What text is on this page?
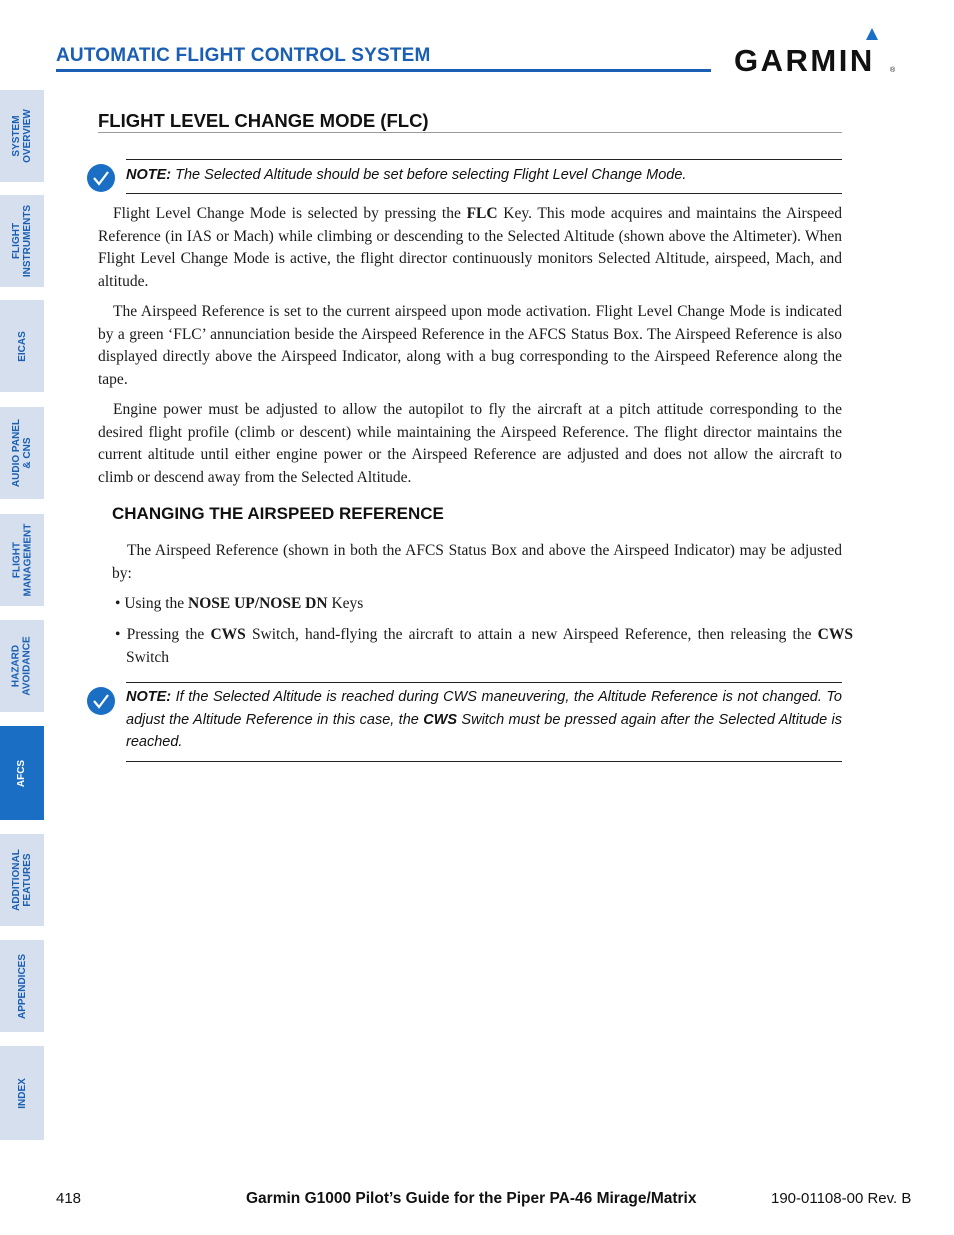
AUTOMATIC FLIGHT CONTROL SYSTEM	GARMIN ®
SYSTEM
OVERVIEW
FLIGHT
INSTRUMENTS
EICAS
AUDIO PANEL
& CNS
FLIGHT
MANAGEMENT
HAZARD
AVOIDANCE
AFCS
ADDITIONAL
FEATURES
APPENDICES
INDEX
FLIGHT LEVEL CHANGE MODE (FLC)
NOTE: The Selected Altitude should be set before selecting Flight Level Change Mode.

Flight Level Change Mode is selected by pressing the FLC Key. This mode acquires and maintains the Airspeed Reference (in IAS or Mach) while climbing or descending to the Selected Altitude (shown above the Altimeter). When Flight Level Change Mode is active, the flight director continuously monitors Selected Altitude, airspeed, Mach, and altitude.

The Airspeed Reference is set to the current airspeed upon mode activation. Flight Level Change Mode is indicated by a green ‘FLC’ annunciation beside the Airspeed Reference in the AFCS Status Box. The Airspeed Reference is also displayed directly above the Airspeed Indicator, along with a bug corresponding to the Airspeed Reference along the tape.

Engine power must be adjusted to allow the autopilot to fly the aircraft at a pitch attitude corresponding to the desired flight profile (climb or descent) while maintaining the Airspeed Reference. The flight director maintains the current altitude until either engine power or the Airspeed Reference are adjusted and does not allow the aircraft to climb or descend away from the Selected Altitude.

CHANGING THE AIRSPEED REFERENCE

The Airspeed Reference (shown in both the AFCS Status Box and above the Airspeed Indicator) may be adjusted by:

• Using the NOSE UP/NOSE DN Keys
• Pressing the CWS Switch, hand-flying the aircraft to attain a new Airspeed Reference, then releasing the CWS Switch
NOTE: If the Selected Altitude is reached during CWS maneuvering, the Altitude Reference is not changed. To adjust the Altitude Reference in this case, the CWS Switch must be pressed again after the Selected Altitude is reached.
418	Garmin G1000 Pilot’s Guide for the Piper PA-46 Mirage/Matrix	190-01108-00 Rev. B
